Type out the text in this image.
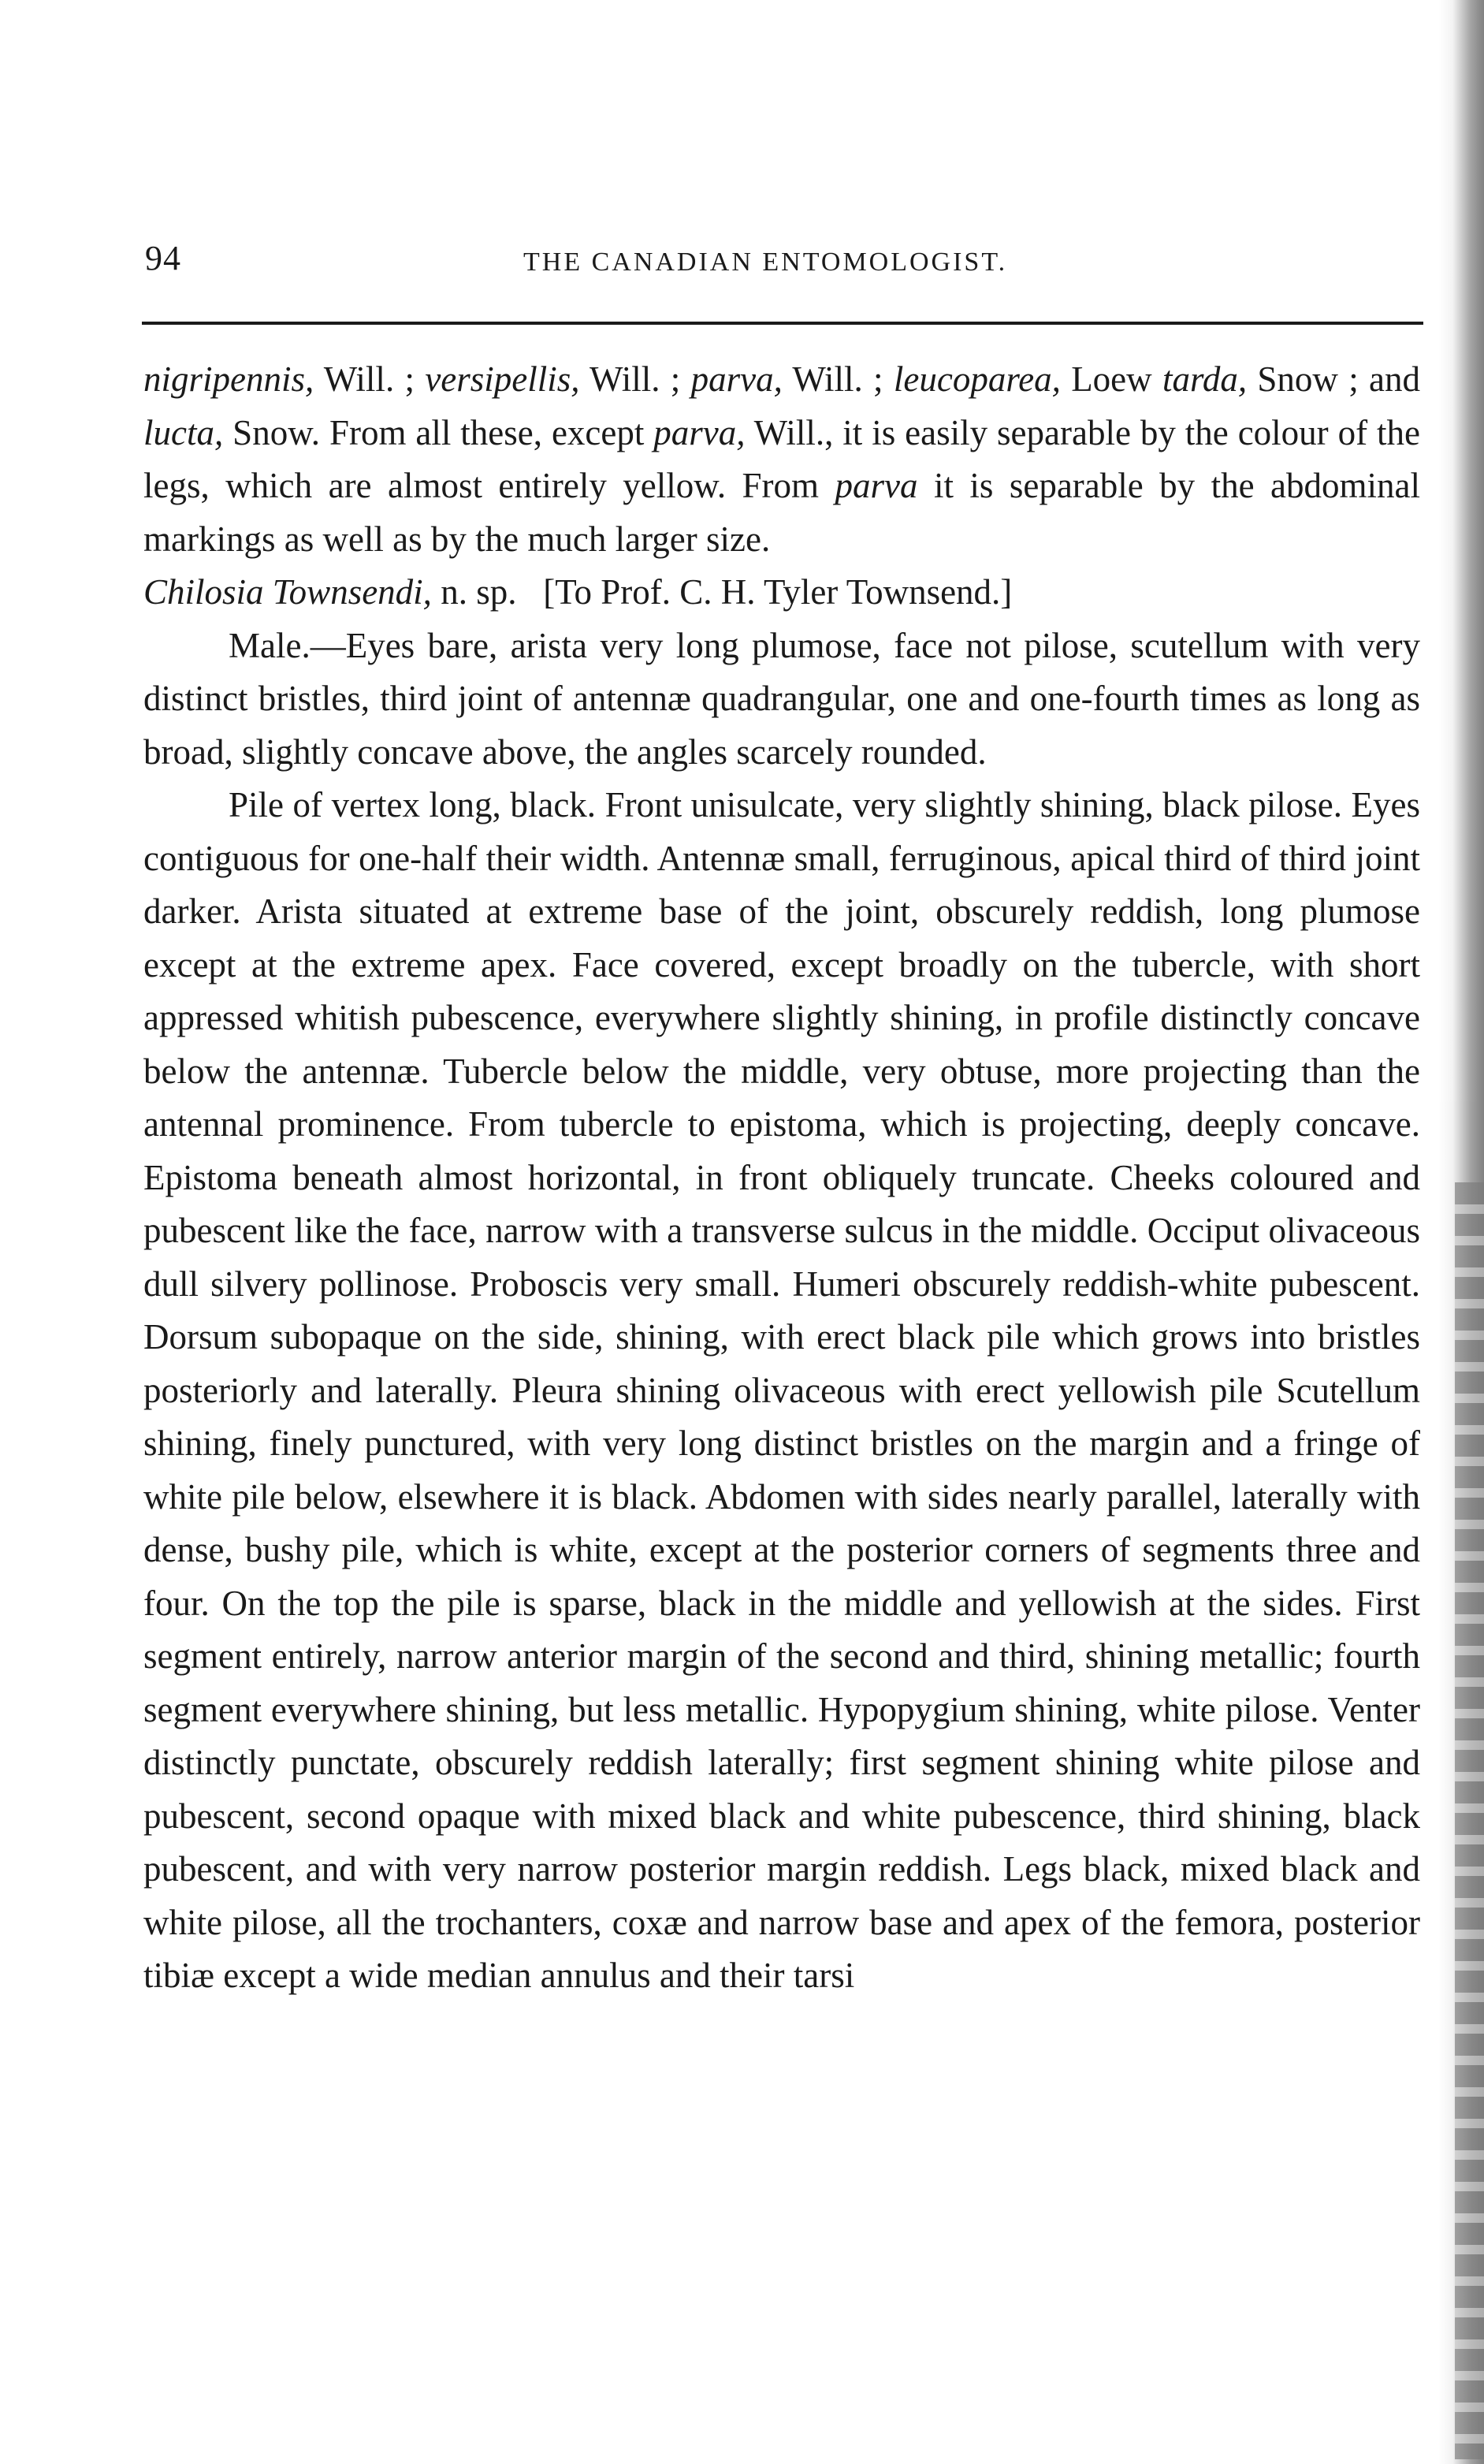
94	THE CANADIAN ENTOMOLOGIST.

nigripennis, Will. ; versipellis, Will. ; parva, Will. ; leucoparea, Loew tarda, Snow ; and lucta, Snow. From all these, except parva, Will., it is easily separable by the colour of the legs, which are almost entirely yellow. From parva it is separable by the abdominal markings as well as by the much larger size.

Chilosia Townsendi, n. sp. [To Prof. C. H. Tyler Townsend.]

Male.—Eyes bare, arista very long plumose, face not pilose, scutellum with very distinct bristles, third joint of antennæ quadrangular, one and one-fourth times as long as broad, slightly concave above, the angles scarcely rounded.

Pile of vertex long, black. Front unisulcate, very slightly shining, black pilose. Eyes contiguous for one-half their width. Antennæ small, ferruginous, apical third of third joint darker. Arista situated at extreme base of the joint, obscurely reddish, long plumose except at the extreme apex. Face covered, except broadly on the tubercle, with short appressed whitish pubescence, everywhere slightly shining, in profile distinctly concave below the antennæ. Tubercle below the middle, very obtuse, more projecting than the antennal prominence. From tubercle to epistoma, which is projecting, deeply concave. Epistoma beneath almost horizontal, in front obliquely truncate. Cheeks coloured and pubescent like the face, narrow with a transverse sulcus in the middle. Occiput olivaceous dull silvery pollinose. Proboscis very small. Humeri obscurely reddish-white pubescent. Dorsum subopaque on the side, shining, with erect black pile which grows into bristles posteriorly and laterally. Pleura shining olivaceous with erect yellowish pile Scutellum shining, finely punctured, with very long distinct bristles on the margin and a fringe of white pile below, elsewhere it is black. Abdomen with sides nearly parallel, laterally with dense, bushy pile, which is white, except at the posterior corners of segments three and four. On the top the pile is sparse, black in the middle and yellowish at the sides. First segment entirely, narrow anterior margin of the second and third, shining metallic; fourth segment everywhere shining, but less metallic. Hypopygium shining, white pilose. Venter distinctly punctate, obscurely reddish laterally; first segment shining white pilose and pubescent, second opaque with mixed black and white pubescence, third shining, black pubescent, and with very narrow posterior margin reddish. Legs black, mixed black and white pilose, all the trochanters, coxæ and narrow base and apex of the femora, posterior tibiæ except a wide median annulus and their tarsi
